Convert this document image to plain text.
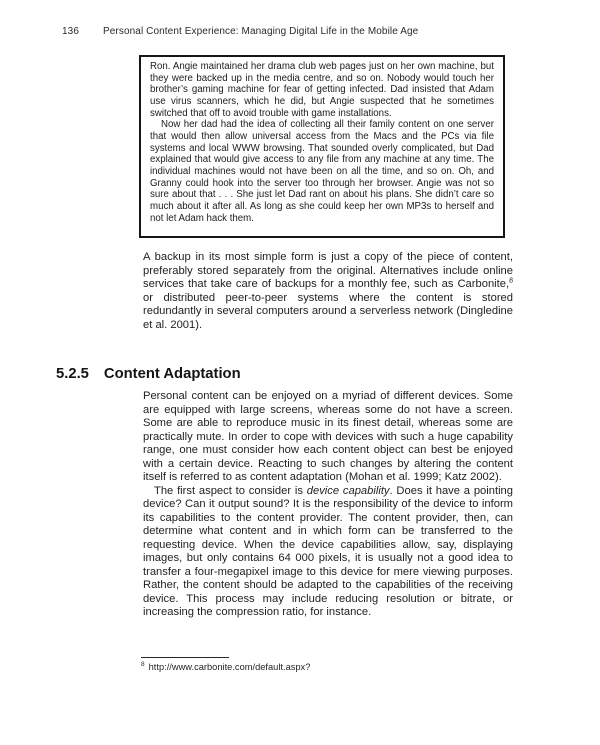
136 Personal Content Experience: Managing Digital Life in the Mobile Age

Ron. Angie maintained her drama club web pages just on her own machine, but they were backed up in the media centre, and so on. Nobody would touch her brother’s gaming machine for fear of getting infected. Dad insisted that Adam use virus scanners, which he did, but Angie suspected that he sometimes switched that off to avoid trouble with game installations.

Now her dad had the idea of collecting all their family content on one server that would then allow universal access from the Macs and the PCs via file systems and local WWW browsing. That sounded overly complicated, but Dad explained that would give access to any file from any machine at any time. The individual machines would not have been on all the time, and so on. Oh, and Granny could hook into the server too through her browser. Angie was not so sure about that . . . She just let Dad rant on about his plans. She didn’t care so much about it after all. As long as she could keep her own MP3s to herself and not let Adam hack them.

A backup in its most simple form is just a copy of the piece of content, preferably stored separately from the original. Alternatives include online services that take care of backups for a monthly fee, such as Carbonite,$^8$ or distributed peer-to-peer systems where the content is stored redundantly in several computers around a serverless network (Dingledine et al. 2001).
5.2.5 Content Adaptation

Personal content can be enjoyed on a myriad of different devices. Some are equipped with large screens, whereas some do not have a screen. Some are able to reproduce music in its finest detail, whereas some are practically mute. In order to cope with devices with such a huge capability range, one must consider how each content object can best be enjoyed with a certain device. Reacting to such changes by altering the content itself is referred to as content adaptation (Mohan et al. 1999; Katz 2002).

The first aspect to consider is device capability. Does it have a pointing device? Can it output sound? It is the responsibility of the device to inform its capabilities to the content provider. The content provider, then, can determine what content and in which form can be transferred to the requesting device. When the device capabilities allow, say, displaying images, but only contains 64 000 pixels, it is usually not a good idea to transfer a four-megapixel image to this device for mere viewing purposes. Rather, the content should be adapted to the capabilities of the receiving device. This process may include reducing resolution or bitrate, or increasing the compression ratio, for instance.

$^8$ http://www.carbonite.com/default.aspx?
